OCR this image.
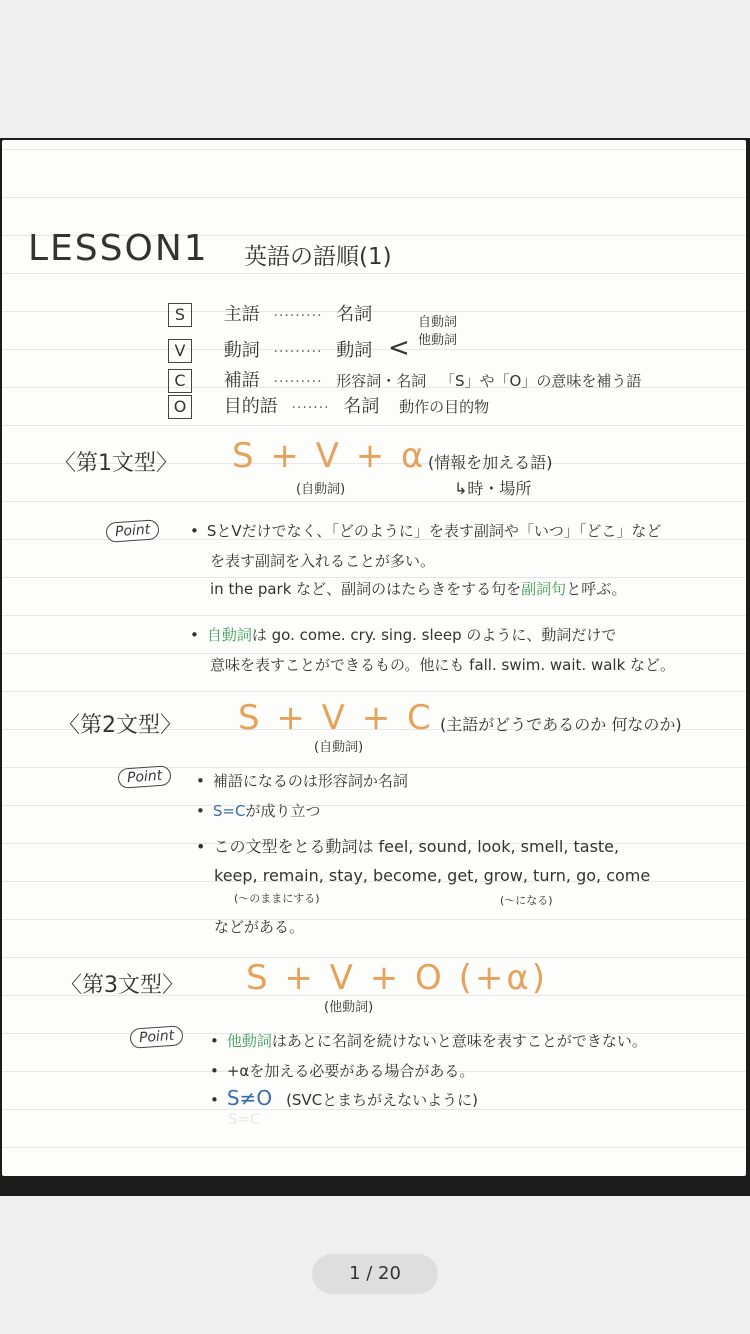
LESSON1 英語の語順(1)
S 主語 ········· 名詞
V 動詞 ········· 動詞 <
自動詞
他動詞
C 補語 ········· 形容詞・名詞 「S」や「O」の意味を補う語
O 目的語 ······· 名詞 動作の目的物
〈第1文型〉 S + V + α (情報を加える語)
(自動詞)	↳時・場所
Point	• SとVだけでなく、「どのように」を表す副詞や「いつ」「どこ」など
を表す副詞を入れることが多い。
in the park など、副詞のはたらきをする句を副詞句と呼ぶ。
• 自動詞は go. come. cry. sing. sleep のように、動詞だけで
意味を表すことができるもの。他にも fall. swim. wait. walk など。
〈第2文型〉 S + V + C (主語がどうであるのか 何なのか)
(自動詞)
Point	• 補語になるのは形容詞か名詞
• S=Cが成り立つ
• この文型をとる動詞は feel, sound, look, smell, taste,
keep, remain, stay, become, get, grow, turn, go, come
(〜のままにする)	(〜になる)
などがある。
〈第3文型〉 S + V + O (+α)
(他動詞)
Point	• 他動詞はあとに名詞を続けないと意味を表すことができない。
• +αを加える必要がある場合がある。
• S≠O (SVCとまちがえないように)
S=C
1 / 20
